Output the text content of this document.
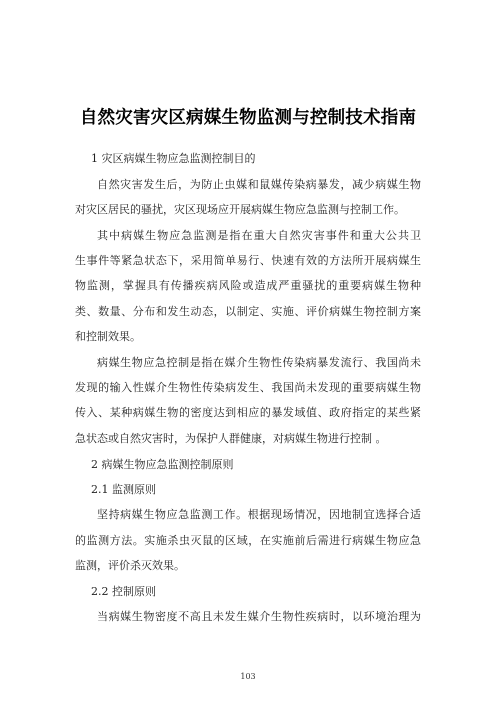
自然灾害灾区病媒生物监测与控制技术指南
1 灾区病媒生物应急监测控制目的
自然灾害发生后，为防止虫媒和鼠媒传染病暴发，减少病媒生物
对灾区居民的骚扰，灾区现场应开展病媒生物应急监测与控制工作。
其中病媒生物应急监测是指在重大自然灾害事件和重大公共卫
生事件等紧急状态下，采用简单易行、快速有效的方法所开展病媒生
物监测，掌握具有传播疾病风险或造成严重骚扰的重要病媒生物种
类、数量、分布和发生动态，以制定、实施、评价病媒生物控制方案
和控制效果。
病媒生物应急控制是指在媒介生物性传染病暴发流行、我国尚未
发现的输入性媒介生物性传染病发生、我国尚未发现的重要病媒生物
传入、某种病媒生物的密度达到相应的暴发域值、政府指定的某些紧
急状态或自然灾害时，为保护人群健康，对病媒生物进行控制 。
2 病媒生物应急监测控制原则
2.1 监测原则
坚持病媒生物应急监测工作。根据现场情况，因地制宜选择合适
的监测方法。实施杀虫灭鼠的区域，在实施前后需进行病媒生物应急
监测，评价杀灭效果。
2.2 控制原则
当病媒生物密度不高且未发生媒介生物性疾病时，以环境治理为
103
